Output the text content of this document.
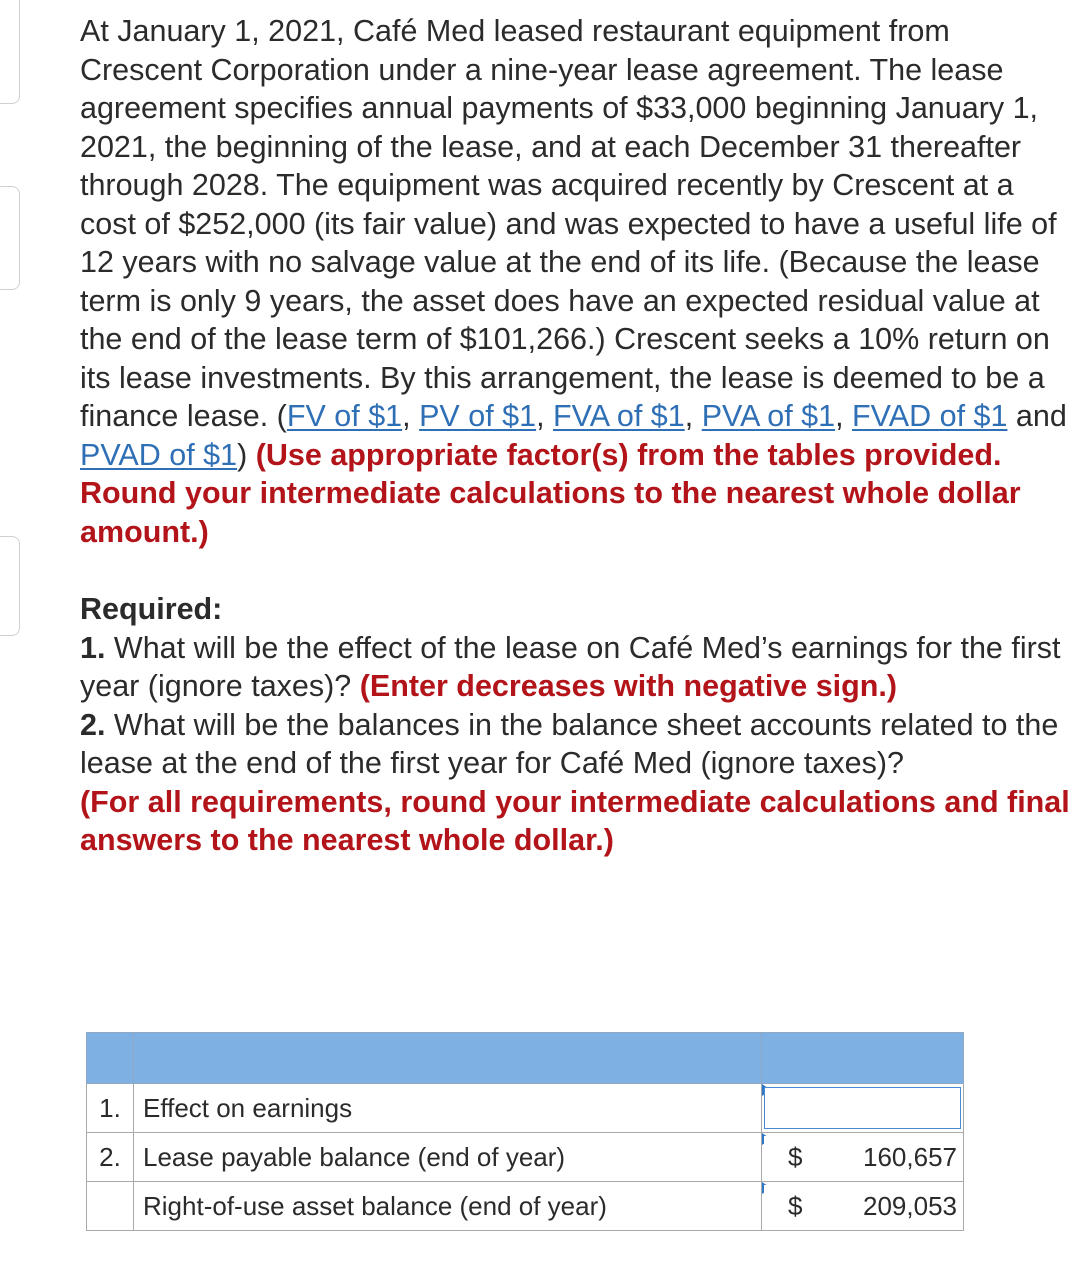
At January 1, 2021, Café Med leased restaurant equipment from Crescent Corporation under a nine-year lease agreement. The lease agreement specifies annual payments of $33,000 beginning January 1, 2021, the beginning of the lease, and at each December 31 thereafter through 2028. The equipment was acquired recently by Crescent at a cost of $252,000 (its fair value) and was expected to have a useful life of 12 years with no salvage value at the end of its life. (Because the lease term is only 9 years, the asset does have an expected residual value at the end of the lease term of $101,266.) Crescent seeks a 10% return on its lease investments. By this arrangement, the lease is deemed to be a finance lease. (FV of $1, PV of $1, FVA of $1, PVA of $1, FVAD of $1 and PVAD of $1) (Use appropriate factor(s) from the tables provided. Round your intermediate calculations to the nearest whole dollar amount.)

Required:

1. What will be the effect of the lease on Café Med’s earnings for the first year (ignore taxes)? (Enter decreases with negative sign.)

2. What will be the balances in the balance sheet accounts related to the lease at the end of the first year for Café Med (ignore taxes)?

(For all requirements, round your intermediate calculations and final answers to the nearest whole dollar.)

1.	Effect on earnings	

2.	Lease payable balance (end of year)	$ 160,657

	Right-of-use asset balance (end of year)	$ 209,053
